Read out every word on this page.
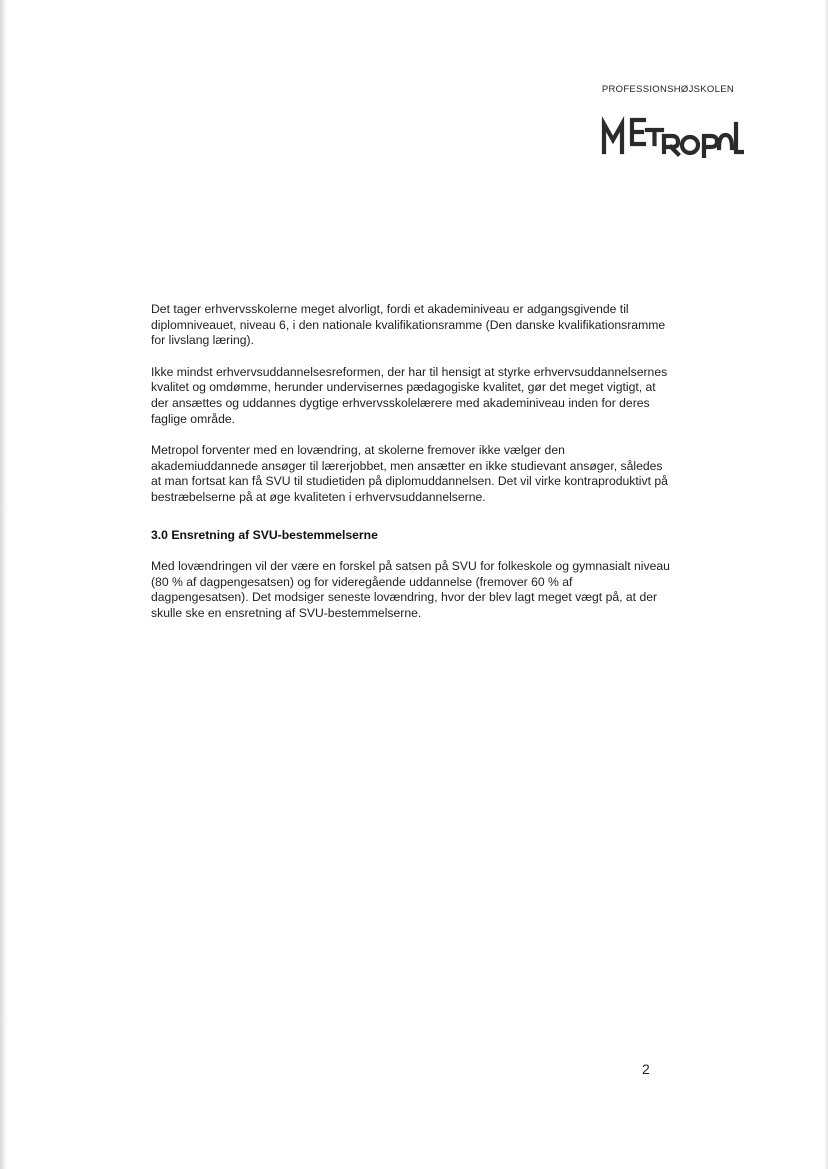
PROFESSIONSHØJSKOLEN

Det tager erhvervsskolerne meget alvorligt, fordi et akademiniveau er adgangsgivende til diplomniveauet, niveau 6, i den nationale kvalifikationsramme (Den danske kvalifikationsramme for livslang læring).

Ikke mindst erhvervsuddannelsesreformen, der har til hensigt at styrke erhvervsuddannelsernes kvalitet og omdømme, herunder undervisernes pædagogiske kvalitet, gør det meget vigtigt, at der ansættes og uddannes dygtige erhvervsskolelærere med akademiniveau inden for deres faglige område.

Metropol forventer med en lovændring, at skolerne fremover ikke vælger den akademiuddannede ansøger til lærerjobbet, men ansætter en ikke studievant ansøger, således at man fortsat kan få SVU til studietiden på diplomuddannelsen. Det vil virke kontraproduktivt på bestræbelserne på at øge kvaliteten i erhvervsuddannelserne.

3.0 Ensretning af SVU-bestemmelserne

Med lovændringen vil der være en forskel på satsen på SVU for folkeskole og gymnasialt niveau (80 % af dagpengesatsen) og for videregående uddannelse (fremover 60 % af dagpengesatsen). Det modsiger seneste lovændring, hvor der blev lagt meget vægt på, at der skulle ske en ensretning af SVU-bestemmelserne.

2
